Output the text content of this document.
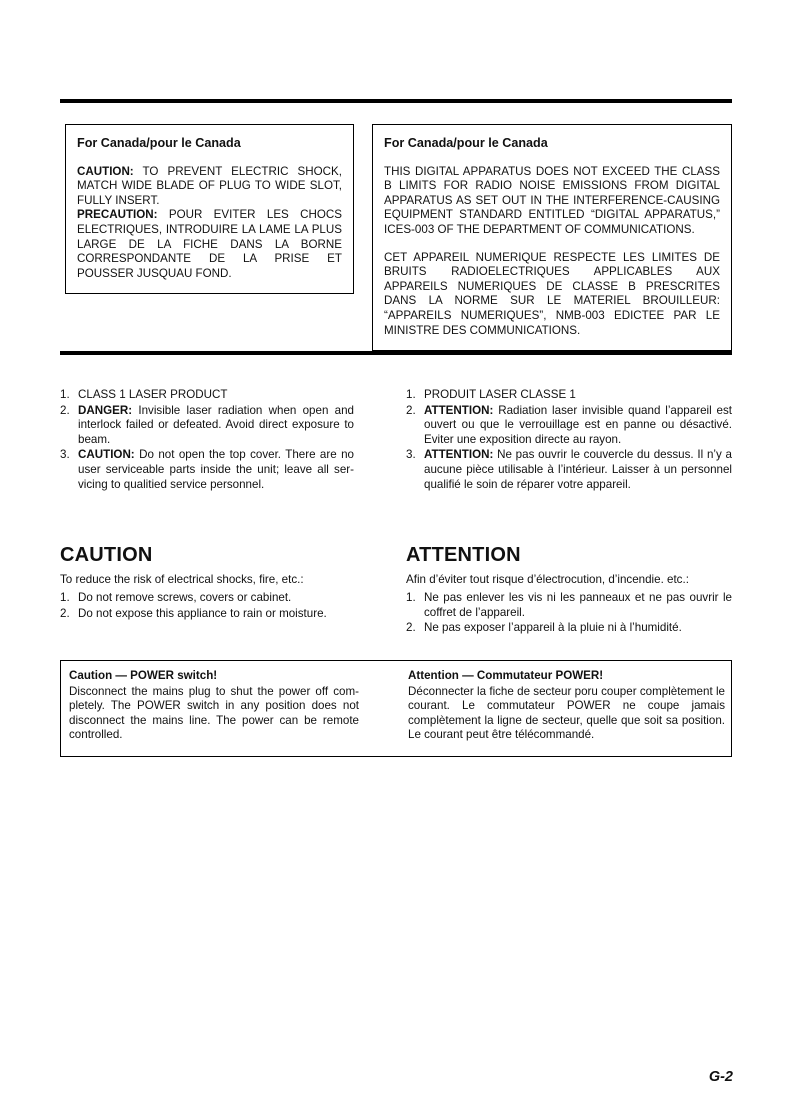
For Canada/pour le Canada

CAUTION: TO PREVENT ELECTRIC SHOCK, MATCH WIDE BLADE OF PLUG TO WIDE SLOT, FULLY INSERT.

PRECAUTION: POUR EVITER LES CHOCS ELECTRIQUES, INTRODUIRE LA LAME LA PLUS LARGE DE LA FICHE DANS LA BORNE CORRESPONDANTE DE LA PRISE ET POUSSER JUSQUAU FOND.

For Canada/pour le Canada

THIS DIGITAL APPARATUS DOES NOT EXCEED THE CLASS B LIMITS FOR RADIO NOISE EMISSIONS FROM DIGITAL APPARATUS AS SET OUT IN THE INTERFERENCE-CAUSING EQUIPMENT STANDARD ENTITLED “DIGITAL APPARATUS,” ICES-003 OF THE DEPARTMENT OF COMMUNICATIONS.

CET APPAREIL NUMERIQUE RESPECTE LES LIMITES DE BRUITS RADIOELECTRIQUES APPLICABLES AUX APPAREILS NUMERIQUES DE CLASSE B PRESCRITES DANS LA NORME SUR LE MATERIEL BROUILLEUR: “APPAREILS NUMERIQUES”, NMB-003 EDICTEE PAR LE MINISTRE DES COMMUNICATIONS.

1. CLASS 1 LASER PRODUCT
2. DANGER: Invisible laser radiation when open and interlock failed or defeated. Avoid direct exposure to beam.
3. CAUTION: Do not open the top cover. There are no user serviceable parts inside the unit; leave all servicing to qualitied service personnel.
1. PRODUIT LASER CLASSE 1
2. ATTENTION: Radiation laser invisible quand l’appareil est ouvert ou que le verrouillage est en panne ou désactivé. Eviter une exposition directe au rayon.
3. ATTENTION: Ne pas ouvrir le couvercle du dessus. Il n’y a aucune pièce utilisable à l’intérieur. Laisser à un personnel qualifié le soin de réparer votre appareil.
CAUTION

To reduce the risk of electrical shocks, fire, etc.:

1. Do not remove screws, covers or cabinet.
2. Do not expose this appliance to rain or moisture.
ATTENTION

Afin d’éviter tout risque d’électrocution, d’incendie. etc.:

1. Ne pas enlever les vis ni les panneaux et ne pas ouvrir le coffret de l’appareil.
2. Ne pas exposer l’appareil à la pluie ni à l’humidité.

Caution — POWER switch!

Disconnect the mains plug to shut the power off completely. The POWER switch in any position does not disconnect the mains line. The power can be remote controlled.

Attention — Commutateur POWER!

Déconnecter la fiche de secteur poru couper complètement le courant. Le commutateur POWER ne coupe jamais complètement la ligne de secteur, quelle que soit sa position. Le courant peut être télécommandé.

G-2
